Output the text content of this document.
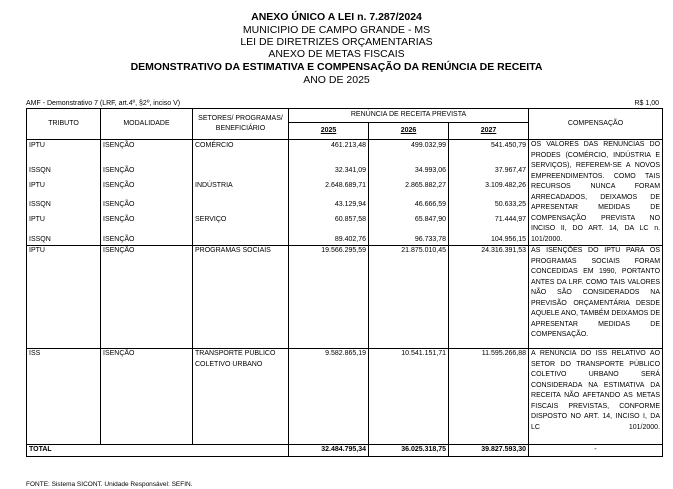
ANEXO ÚNICO A LEI n. 7.287/2024
MUNICIPIO DE CAMPO GRANDE - MS
LEI DE DIRETRIZES ORÇAMENTARIAS
ANEXO DE METAS FISCAIS
DEMONSTRATIVO DA ESTIMATIVA E COMPENSAÇÃO DA RENÚNCIA DE RECEITA
ANO DE 2025
AMF - Demonstrativo 7 (LRF, art.4º, §2º, inciso V)	R$ 1,00
TRIBUTO	MODALIDADE	SETORES/ PROGRAMAS/ BENEFICIÁRIO	RENÚNCIA DE RECEITA PREVISTA			COMPENSAÇÃO
			2025	2026	2027	
IPTU	ISENÇÃO	COMÉRCIO	461.213,48	499.032,99	541.450,79	OS VALORES DAS RENÚNCIAS DO PRODES (COMÉRCIO, INDÚSTRIA E SERVIÇOS), REFEREM-SE A NOVOS EMPREENDIMENTOS. COMO TAIS RECURSOS NUNCA FORAM ARRECADADOS, DEIXAMOS DE APRESENTAR MEDIDAS DE COMPENSAÇÃO PREVISTA NO INCISO II, DO ART. 14, DA LC n. 101/2000.
ISSQN	ISENÇÃO		32.341,09	34.993,06	37.967,47	
IPTU	ISENÇÃO	INDÚSTRIA	2.648.689,71	2.865.882,27	3.109.482,26	
ISSQN	ISENÇÃO		43.129,94	46.666,59	50.633,25	
IPTU	ISENÇÃO	SERVIÇO	60.857,58	65.847,90	71.444,97	
ISSQN	ISENÇÃO		89.402,76	96.733,78	104.956,15	
IPTU	ISENÇÃO	PROGRAMAS SOCIAIS	19.566.295,59	21.875.010,45	24.316.391,53	AS ISENÇÕES DO IPTU PARA OS PROGRAMAS SOCIAIS FORAM CONCEDIDAS EM 1990, PORTANTO ANTES DA LRF. COMO TAIS VALORES NÃO SÃO CONSIDERADOS NA PREVISÃO ORÇAMENTÁRIA DESDE AQUELE ANO, TAMBÉM DEIXAMOS DE APRESENTAR MEDIDAS DE COMPENSAÇÃO.
ISS	ISENÇÃO	TRANSPORTE PÚBLICO COLETIVO URBANO	9.582.865,19	10.541.151,71	11.595.266,88	A RENÚNCIA DO ISS RELATIVO AO SETOR DO TRANSPORTE PÚBLICO COLETIVO URBANO SERÁ CONSIDERADA NA ESTIMATIVA DA RECEITA NÃO AFETANDO AS METAS FISCAIS PREVISTAS, CONFORME DISPOSTO NO ART. 14, INCISO I, DA LC 101/2000.
TOTAL			32.484.795,34	36.025.318,75	39.827.593,30	-
FONTE: Sistema SICONT. Unidade Responsável: SEFIN.
